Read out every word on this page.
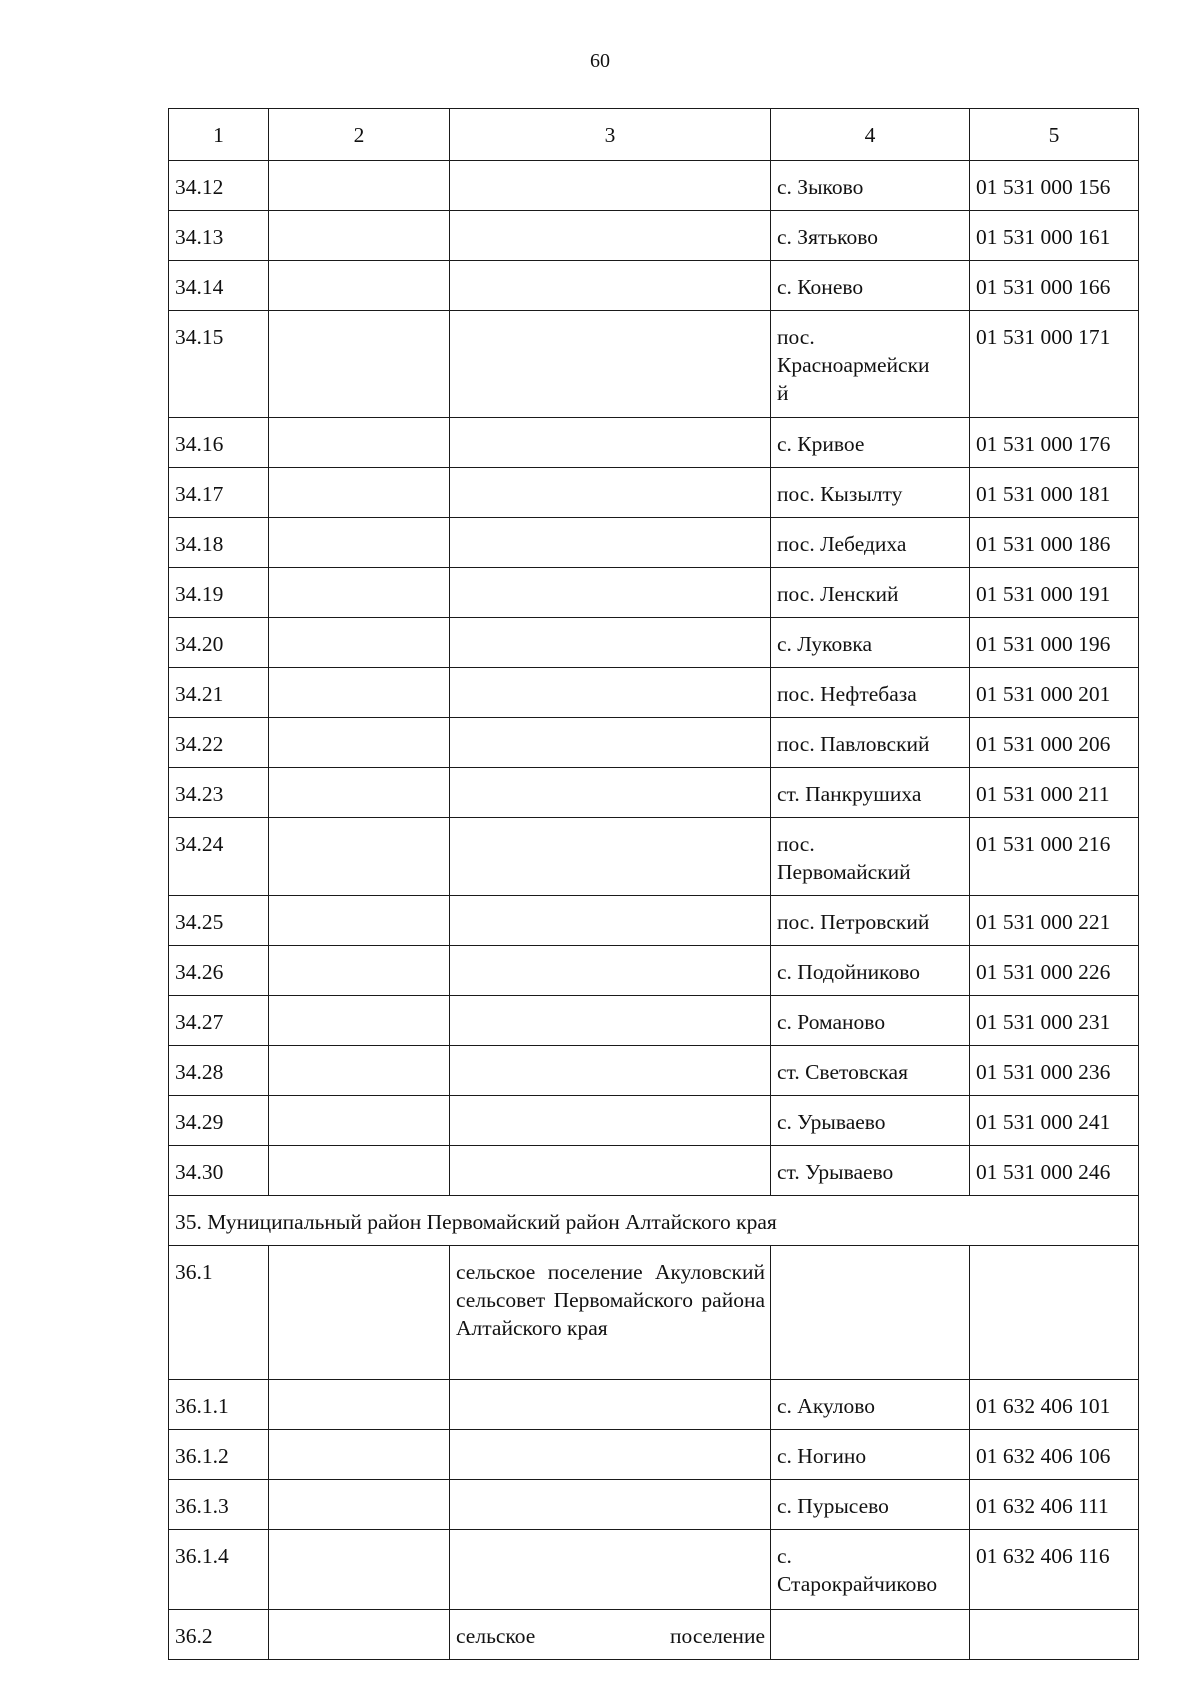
60
1	2	3	4	5
34.12			с. Зыково	01 531 000 156
34.13			с. Зятьково	01 531 000 161
34.14			с. Конево	01 531 000 166
34.15			пос.
Красноармейски
й	01 531 000 171
34.16			с. Кривое	01 531 000 176
34.17			пос. Кызылту	01 531 000 181
34.18			пос. Лебедиха	01 531 000 186
34.19			пос. Ленский	01 531 000 191
34.20			с. Луковка	01 531 000 196
34.21			пос. Нефтебаза	01 531 000 201
34.22			пос. Павловский	01 531 000 206
34.23			ст. Панкрушиха	01 531 000 211
34.24			пос.
Первомайский	01 531 000 216
34.25			пос. Петровский	01 531 000 221
34.26			с. Подойниково	01 531 000 226
34.27			с. Романово	01 531 000 231
34.28			ст. Световская	01 531 000 236
34.29			с. Урываево	01 531 000 241
34.30			ст. Урываево	01 531 000 246
35. Муниципальный район Первомайский район Алтайского края				
36.1		сельское поселение Акуловский сельсовет Первомайского района Алтайского края		
36.1.1			с. Акулово	01 632 406 101
36.1.2			с. Ногино	01 632 406 106
36.1.3			с. Пурысево	01 632 406 111
36.1.4			с.
Старокрайчиково	01 632 406 116
36.2		сельское поселение		
